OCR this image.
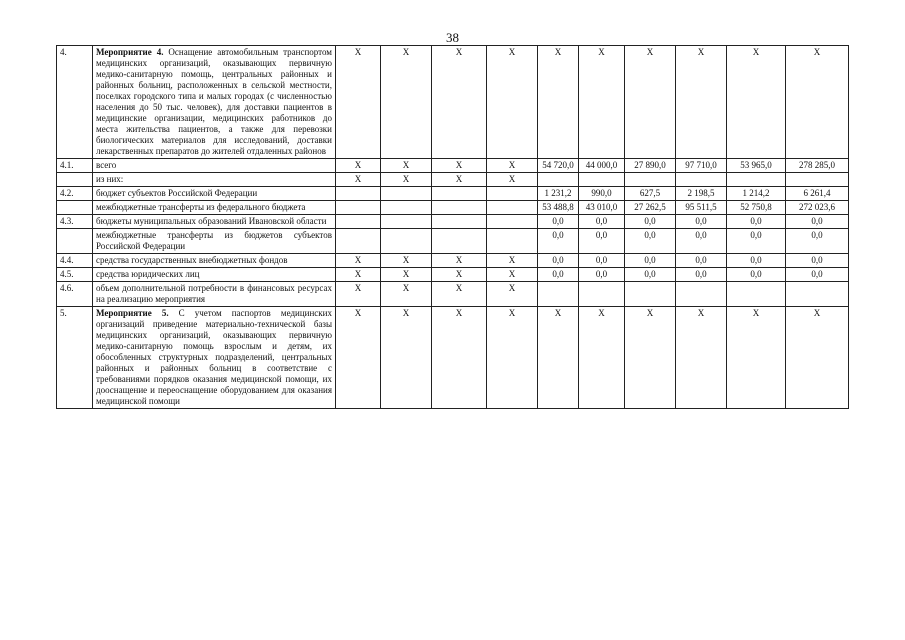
38
4.	Мероприятие 4. Оснащение автомобильным транспортом медицинских организаций, оказывающих первичную медико-санитарную помощь, центральных районных и районных больниц, расположенных в сельской местности, поселках городского типа и малых городах (с численностью населения до 50 тыс. человек), для доставки пациентов в медицинские организации, медицинских работников до места жительства пациентов, а также для перевозки биологических материалов для исследований, доставки лекарственных препаратов до жителей отдаленных районов	X	X	X	X	X	X	X	X	X	X
4.1.	всего	X	X	X	X	54 720,0	44 000,0	27 890,0	97 710,0	53 965,0	278 285,0
	из них:	X	X	X	X						
4.2.	бюджет субъектов Российской Федерации					1 231,2	990,0	627,5	2 198,5	1 214,2	6 261,4
	межбюджетные трансферты из федерального бюджета					53 488,8	43 010,0	27 262,5	95 511,5	52 750,8	272 023,6
4.3.	бюджеты муниципальных образований Ивановской области					0,0	0,0	0,0	0,0	0,0	0,0
	межбюджетные трансферты из бюджетов субъектов Российской Федерации					0,0	0,0	0,0	0,0	0,0	0,0
4.4.	средства государственных внебюджетных фондов	X	X	X	X	0,0	0,0	0,0	0,0	0,0	0,0
4.5.	средства юридических лиц	X	X	X	X	0,0	0,0	0,0	0,0	0,0	0,0
4.6.	объем дополнительной потребности в финансовых ресурсах на реализацию мероприятия	X	X	X	X						
5.	Мероприятие 5. С учетом паспортов медицинских организаций приведение материально-технической базы медицинских организаций, оказывающих первичную медико-санитарную помощь взрослым и детям, их обособленных структурных подразделений, центральных районных и районных больниц в соответствие с требованиями порядков оказания медицинской помощи, их дооснащение и переоснащение оборудованием для оказания медицинской помощи	X	X	X	X	X	X	X	X	X	X
